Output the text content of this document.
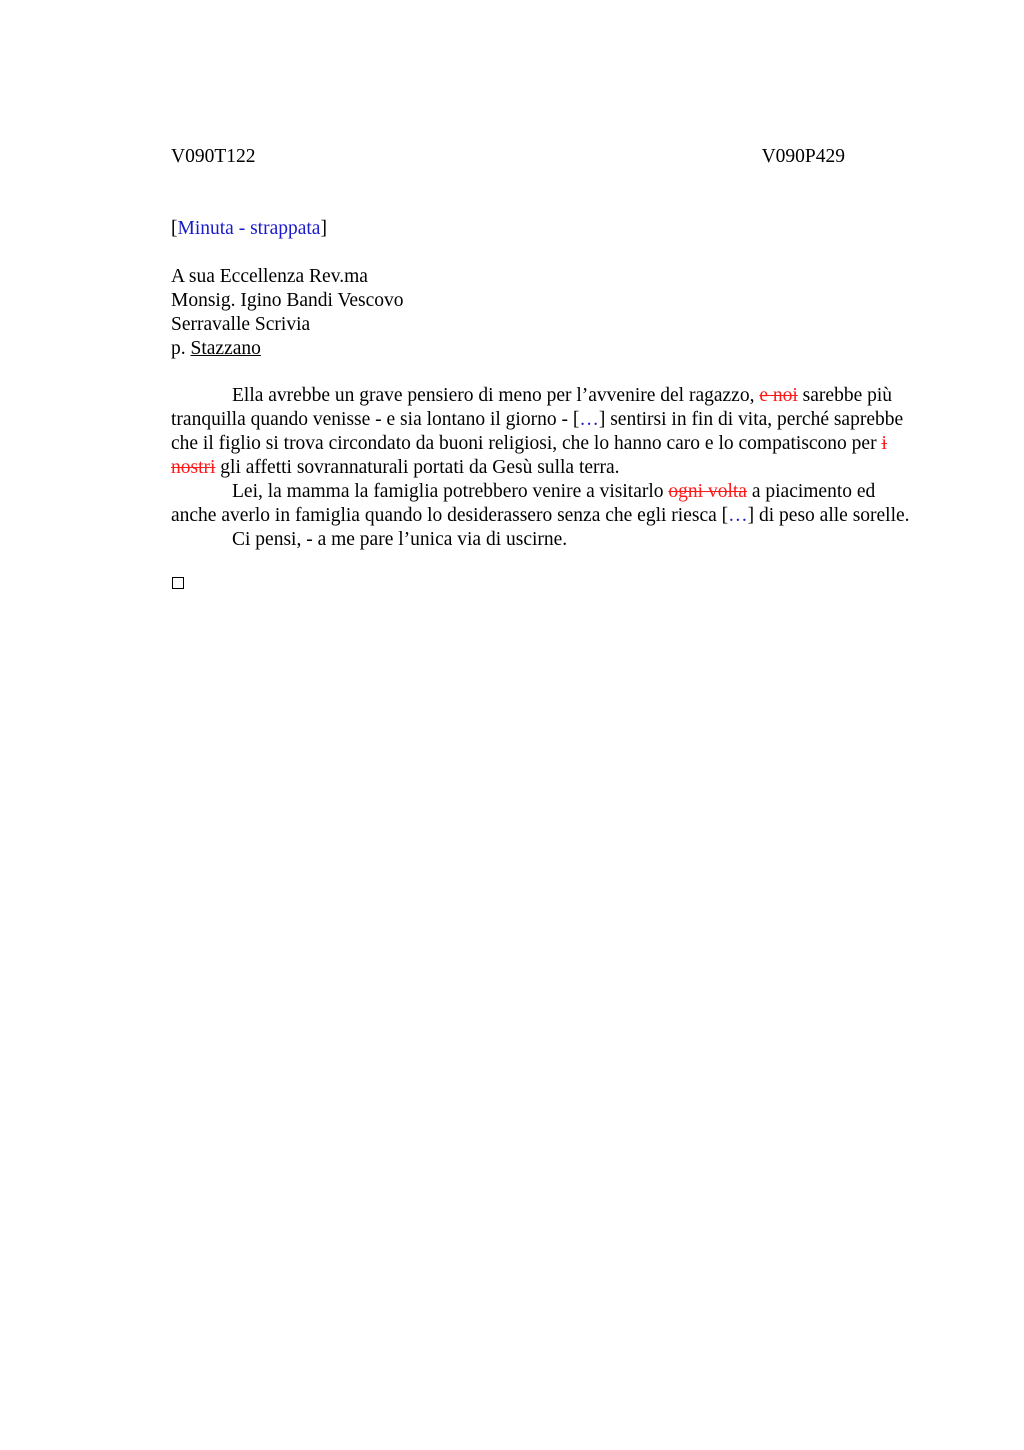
V090T122	V090P429
[Minuta - strappata]
A sua Eccellenza Rev.ma
Monsig. Igino Bandi Vescovo
Serravalle Scrivia
p. Stazzano

Ella avrebbe un grave pensiero di meno per l’avvenire del ragazzo, e noi sarebbe più tranquilla quando venisse - e sia lontano il giorno - […] sentirsi in fin di vita, perché saprebbe che il figlio si trova circondato da buoni religiosi, che lo hanno caro e lo compatiscono per i nostri gli affetti sovrannaturali portati da Gesù sulla terra.

Lei, la mamma la famiglia potrebbero venire a visitarlo ogni volta a piacimento ed anche averlo in famiglia quando lo desiderassero senza che egli riesca […] di peso alle sorelle.

Ci pensi, - a me pare l’unica via di uscirne.
